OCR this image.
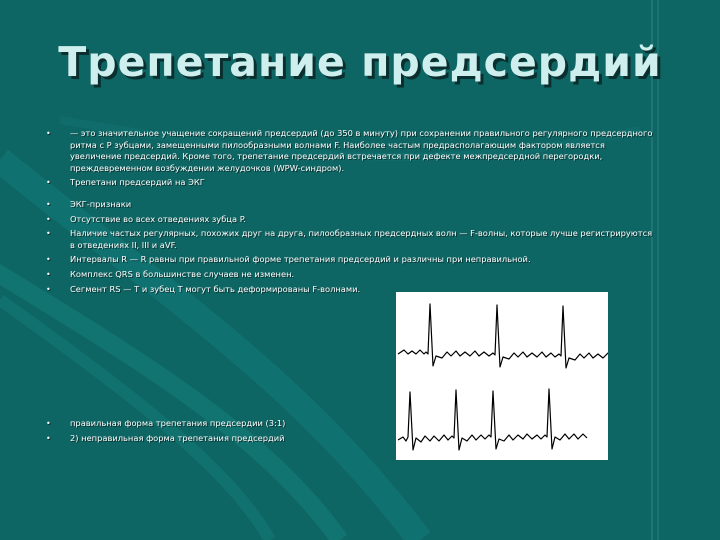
Трепетание предсердий
• — это значительное учащение сокращений предсердий (до 350 в минуту) при сохранении правильного регулярного предсердного ритма с Р зубцами, замещенными пилообразными волнами F. Наиболее частым предрасполагающим фактором является увеличение предсердий. Кроме того, трепетание предсердий встречается при дефекте межпредсердной перегородки, преждевременном возбуждении желудочков (WPW-синдром).
• Трепетани предсердий на ЭКГ
• ЭКГ-признаки
• Отсутствие во всех отведениях зубца P.
• Наличие частых регулярных, похожих друг на друга, пилообразных предсердных волн — F-волны, которые лучше регистрируются в отведениях II, III и aVF.
• Интервалы R — R равны при правильной форме трепетания предсердий и различны при неправильной.
• Комплекс QRS в большинстве случаев не изменен.
• Сегмент RS — T и зубец Т могут быть деформированы F-волнами.
• правильная форма трепетания предсердии (3:1)
• 2) неправильная форма трепетания предсердий
